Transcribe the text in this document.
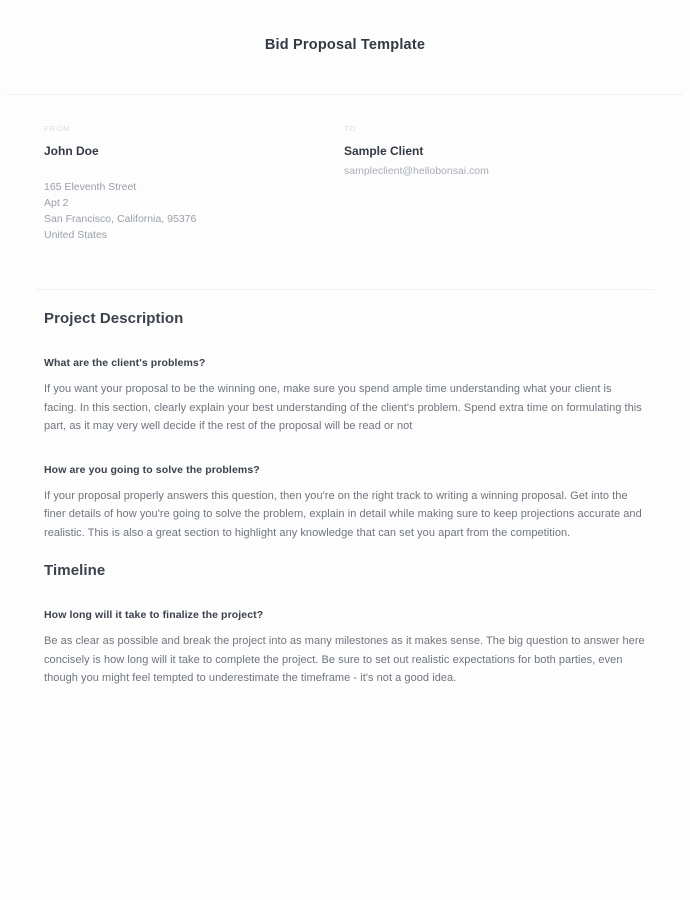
Bid Proposal Template
FROM
John Doe
165 Eleventh Street
Apt 2
San Francisco, California, 95376
United States
TO
Sample Client
sampleclient@hellobonsai.com
Project Description
What are the client's problems?
If you want your proposal to be the winning one, make sure you spend ample time understanding what your client is facing. In this section, clearly explain your best understanding of the client's problem. Spend extra time on formulating this part, as it may very well decide if the rest of the proposal will be read or not
How are you going to solve the problems?
If your proposal properly answers this question, then you're on the right track to writing a winning proposal. Get into the finer details of how you're going to solve the problem, explain in detail while making sure to keep projections accurate and realistic. This is also a great section to highlight any knowledge that can set you apart from the competition.
Timeline
How long will it take to finalize the project?
Be as clear as possible and break the project into as many milestones as it makes sense. The big question to answer here concisely is how long will it take to complete the project. Be sure to set out realistic expectations for both parties, even though you might feel tempted to underestimate the timeframe - it's not a good idea.
